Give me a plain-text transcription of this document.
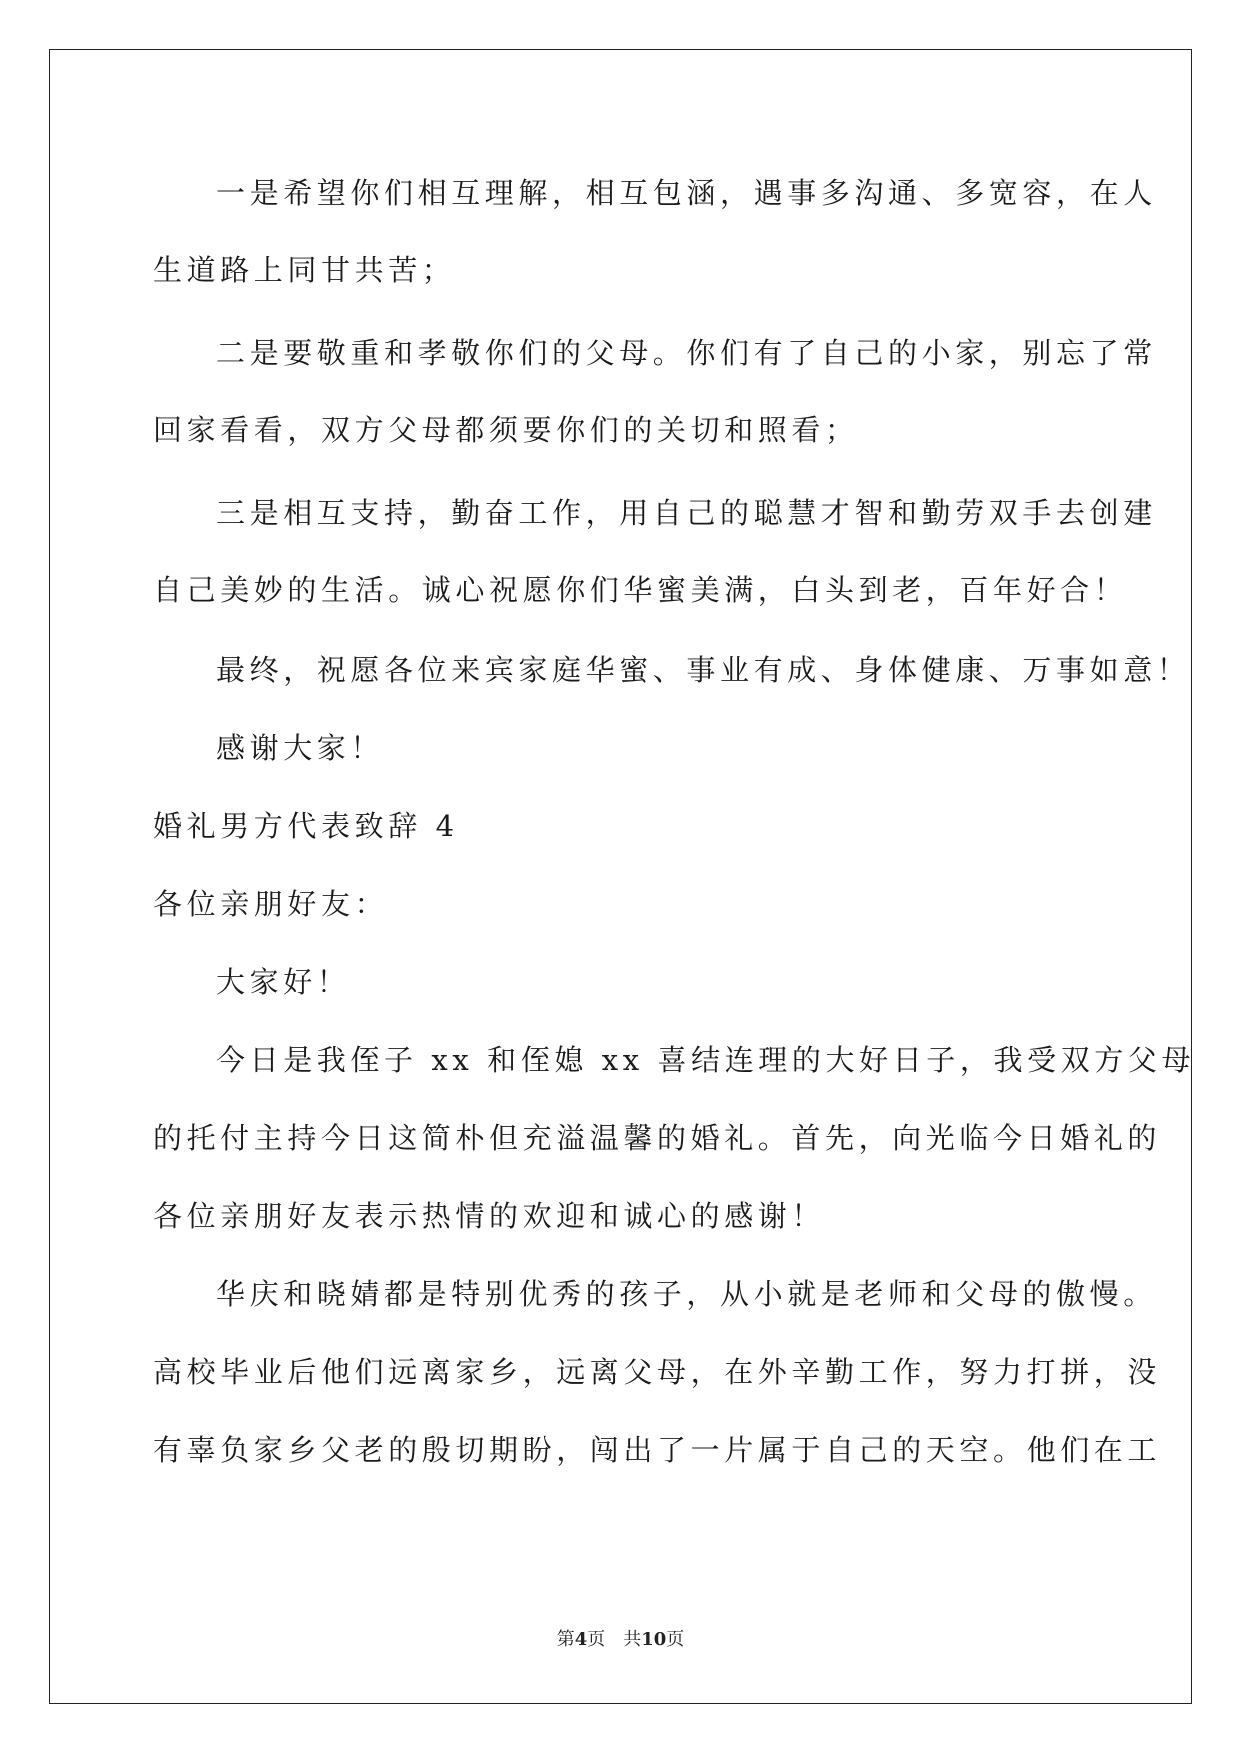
一是希望你们相互理解，相互包涵，遇事多沟通、多宽容，在人
生道路上同甘共苦；
二是要敬重和孝敬你们的父母。你们有了自己的小家，别忘了常
回家看看，双方父母都须要你们的关切和照看；
三是相互支持，勤奋工作，用自己的聪慧才智和勤劳双手去创建
自己美妙的生活。诚心祝愿你们华蜜美满，白头到老，百年好合！
最终，祝愿各位来宾家庭华蜜、事业有成、身体健康、万事如意！
感谢大家！
婚礼男方代表致辞 4
各位亲朋好友：
大家好！
今日是我侄子 xx 和侄媳 xx 喜结连理的大好日子，我受双方父母
的托付主持今日这简朴但充溢温馨的婚礼。首先，向光临今日婚礼的
各位亲朋好友表示热情的欢迎和诚心的感谢！
华庆和晓婧都是特别优秀的孩子，从小就是老师和父母的傲慢。
高校毕业后他们远离家乡，远离父母，在外辛勤工作，努力打拼，没
有辜负家乡父老的殷切期盼，闯出了一片属于自己的天空。他们在工
第4页 共10页
